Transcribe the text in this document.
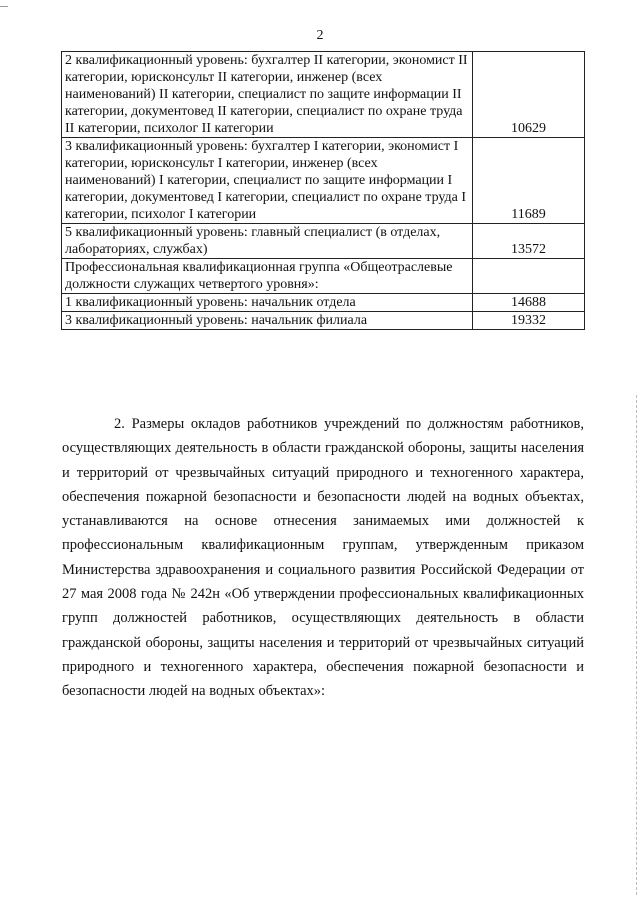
2
2 квалификационный уровень: бухгалтер II категории, экономист II категории, юрисконсульт II категории, инженер (всех наименований) II категории, специалист по защите информации II категории, документовед II категории, специалист по охране труда II категории, психолог II категории	10629
3 квалификационный уровень: бухгалтер I категории, экономист I категории, юрисконсульт I категории, инженер (всех наименований) I категории, специалист по защите информации I категории, документовед I категории, специалист по охране труда I категории, психолог I категории	11689
5 квалификационный уровень: главный специалист (в отделах, лабораториях, службах)	13572
Профессиональная квалификационная группа «Общеотраслевые должности служащих четвертого уровня»:	
1 квалификационный уровень: начальник отдела	14688
3 квалификационный уровень: начальник филиала	19332

2. Размеры окладов работников учреждений по должностям работников, осуществляющих деятельность в области гражданской обороны, защиты населения и территорий от чрезвычайных ситуаций природного и техногенного характера, обеспечения пожарной безопасности и безопасности людей на водных объектах, устанавливаются на основе отнесения занимаемых ими должностей к профессиональным квалификационным группам, утвержденным приказом Министерства здравоохранения и социального развития Российской Федерации от 27 мая 2008 года № 242н «Об утверждении профессиональных квалификационных групп должностей работников, осуществляющих деятельность в области гражданской обороны, защиты населения и территорий от чрезвычайных ситуаций природного и техногенного характера, обеспечения пожарной безопасности и безопасности людей на водных объектах»:
